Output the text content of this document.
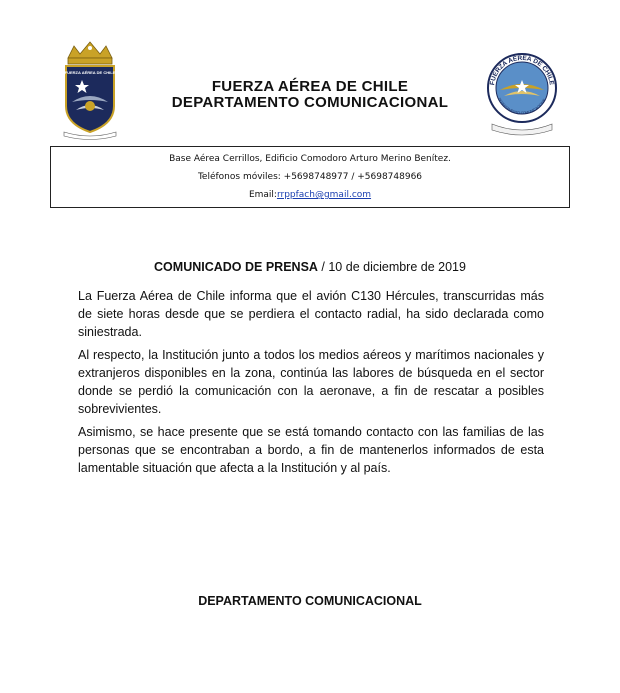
FUERZA AÉREA DE CHILE
FUERZA AÉREA DE CHILE
DEPARTAMENTO COMUNICACIONAL
FUERZA AÉREA DE CHILE
DEPARTAMENTO COMUNICACIONAL
Base Aérea Cerrillos, Edificio Comodoro Arturo Merino Benítez.
Teléfonos móviles: +5698748977 / +5698748966
Email:rrppfach@gmail.com
COMUNICADO DE PRENSA / 10 de diciembre de 2019

La Fuerza Aérea de Chile informa que el avión C130 Hércules, transcurridas más de siete horas desde que se perdiera el contacto radial, ha sido declarada como siniestrada.

Al respecto, la Institución junto a todos los medios aéreos y marítimos nacionales y extranjeros disponibles en la zona, continúa las labores de búsqueda en el sector donde se perdió la comunicación con la aeronave, a fin de rescatar a posibles sobrevivientes.

Asimismo, se hace presente que se está tomando contacto con las familias de las personas que se encontraban a bordo, a fin de mantenerlos informados de esta lamentable situación que afecta a la Institución y al país.

DEPARTAMENTO COMUNICACIONAL
